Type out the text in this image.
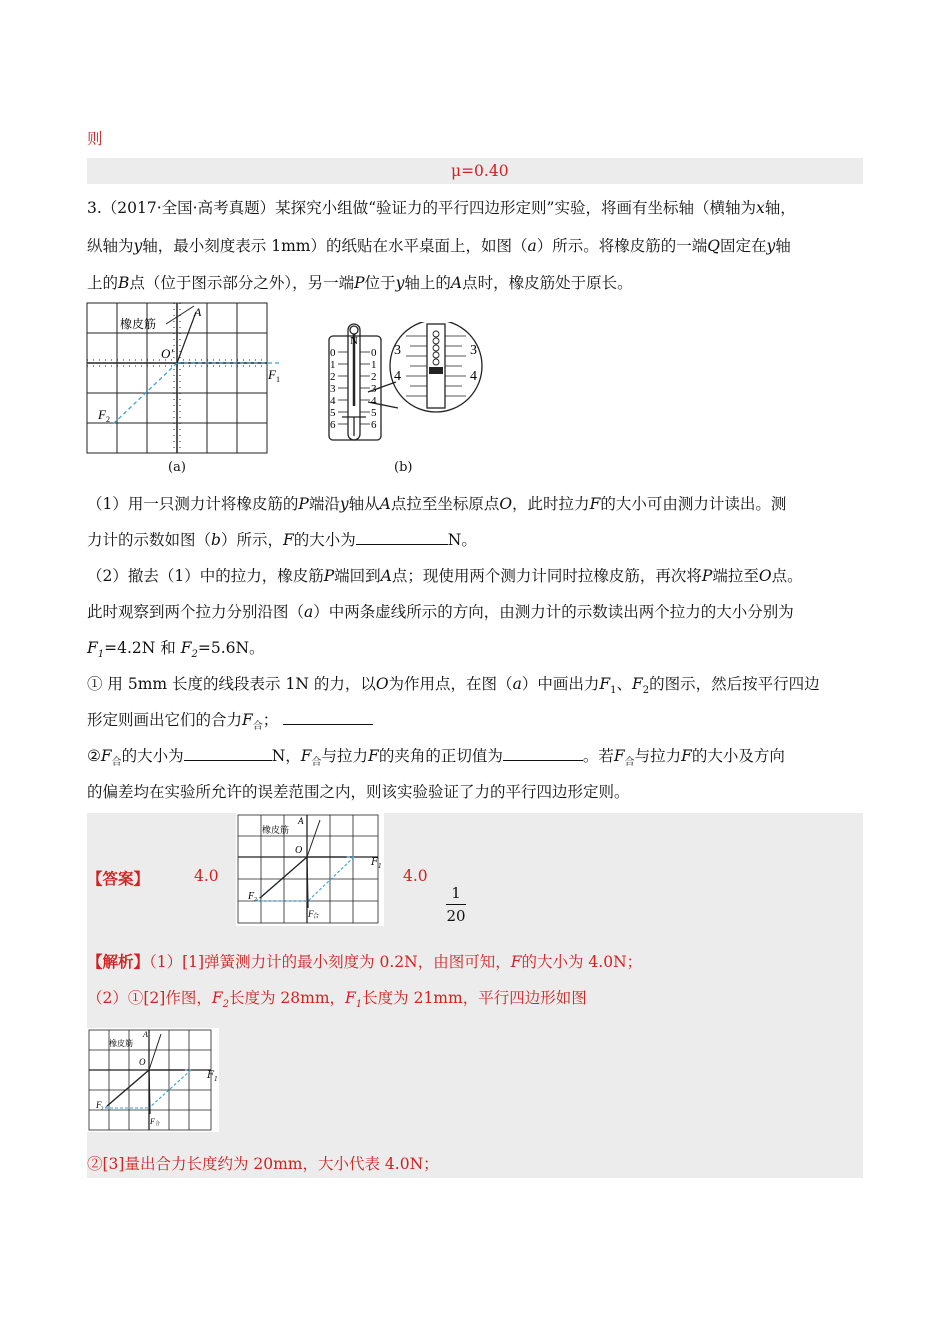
则
μ=0.40
3.（2017·全国·高考真题）某探究小组做“验证力的平行四边形定则”实验，将画有坐标轴（横轴为x轴，
纵轴为y轴，最小刻度表示 1mm）的纸贴在水平桌面上，如图（a）所示。将橡皮筋的一端Q固定在y轴
上的B点（位于图示部分之外），另一端P位于y轴上的A点时，橡皮筋处于原长。
橡皮筋
A
O′
F 1
F 2
(a)
N
0
1
2
3
4
5
6
0
1
2
3
4
5
6
3
4
3
4
(b)
（1）用一只测力计将橡皮筋的P端沿y轴从A点拉至坐标原点O，此时拉力F的大小可由测力计读出。测
力计的示数如图（b）所示，F的大小为	N。
（2）撤去（1）中的拉力，橡皮筋P端回到A点；现使用两个测力计同时拉橡皮筋，再次将P端拉至O点。
此时观察到两个拉力分别沿图（a）中两条虚线所示的方向，由测力计的示数读出两个拉力的大小分别为
$F_1=4.2N$ 和 $F_2=5.6N$。
① 用 5mm 长度的线段表示 1N 的力，以O为作用点，在图（a）中画出力$F_1$、$F_2$的图示，然后按平行四边
形定则画出它们的合力$F_合$；
$②F_合$的大小为	N，$F_合$与拉力F的夹角的正切值为	。若$F_合$与拉力F的大小及方向
的偏差均在实验所允许的误差范围之内，则该实验验证了力的平行四边形定则。
【答案】	4.0
橡皮筋
A
O
F 2
F 合
$F_1$
4.0
1
20
【解析】（1）[1]弹簧测力计的最小刻度为 0.2N，由图可知，F的大小为 4.0N；
（2）①[2]作图，$F_2$长度为 28mm，$F_1$长度为 21mm，平行四边形如图
橡皮筋
A
O
F 2
F 合
$F_1$
②[3]量出合力长度约为 20mm，大小代表 4.0N；
